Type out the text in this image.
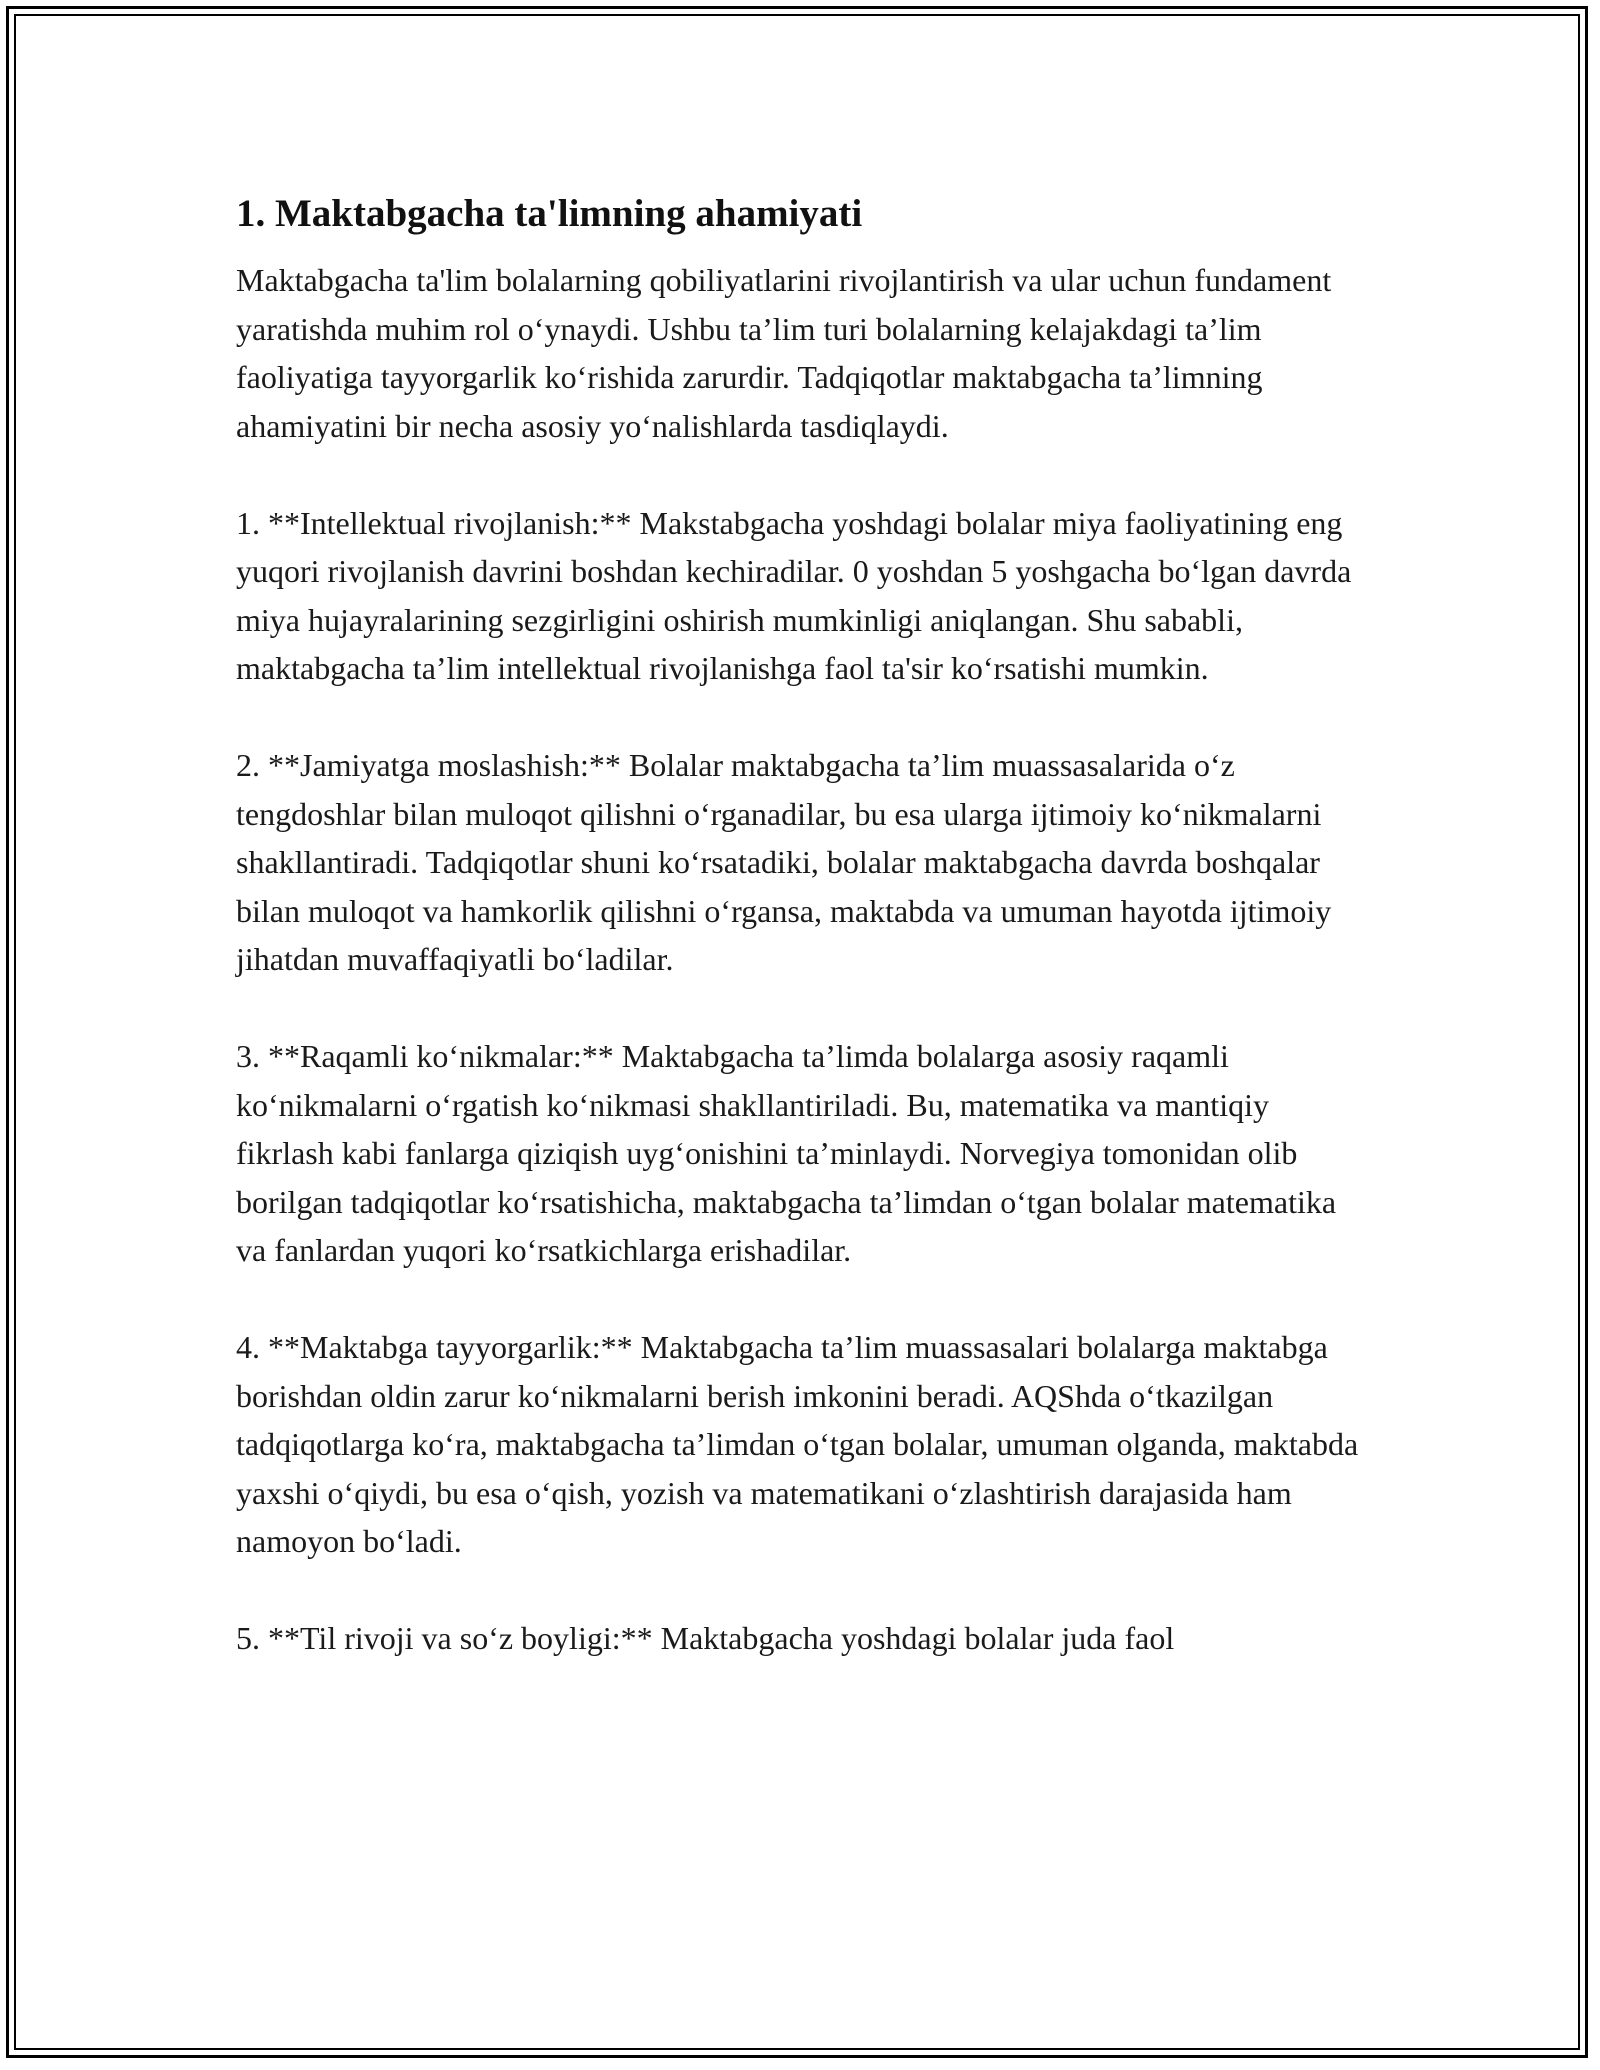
1. Maktabgacha ta'limning ahamiyati

Maktabgacha ta'lim bolalarning qobiliyatlarini rivojlantirish va ular uchun fundament yaratishda muhim rol o‘ynaydi. Ushbu ta’lim turi bolalarning kelajakdagi ta’lim faoliyatiga tayyorgarlik ko‘rishida zarurdir. Tadqiqotlar maktabgacha ta’limning ahamiyatini bir necha asosiy yo‘nalishlarda tasdiqlaydi.

1. **Intellektual rivojlanish:** Makstabgacha yoshdagi bolalar miya faoliyatining eng yuqori rivojlanish davrini boshdan kechiradilar. 0 yoshdan 5 yoshgacha bo‘lgan davrda miya hujayralarining sezgirligini oshirish mumkinligi aniqlangan. Shu sababli, maktabgacha ta’lim intellektual rivojlanishga faol ta'sir ko‘rsatishi mumkin.

2. **Jamiyatga moslashish:** Bolalar maktabgacha ta’lim muassasalarida o‘z tengdoshlar bilan muloqot qilishni o‘rganadilar, bu esa ularga ijtimoiy ko‘nikmalarni shakllantiradi. Tadqiqotlar shuni ko‘rsatadiki, bolalar maktabgacha davrda boshqalar bilan muloqot va hamkorlik qilishni o‘rgansa, maktabda va umuman hayotda ijtimoiy jihatdan muvaffaqiyatli bo‘ladilar.

3. **Raqamli ko‘nikmalar:** Maktabgacha ta’limda bolalarga asosiy raqamli ko‘nikmalarni o‘rgatish ko‘nikmasi shakllantiriladi. Bu, matematika va mantiqiy fikrlash kabi fanlarga qiziqish uyg‘onishini ta’minlaydi. Norvegiya tomonidan olib borilgan tadqiqotlar ko‘rsatishicha, maktabgacha ta’limdan o‘tgan bolalar matematika va fanlardan yuqori ko‘rsatkichlarga erishadilar.

4. **Maktabga tayyorgarlik:** Maktabgacha ta’lim muassasalari bolalarga maktabga borishdan oldin zarur ko‘nikmalarni berish imkonini beradi. AQShda o‘tkazilgan tadqiqotlarga ko‘ra, maktabgacha ta’limdan o‘tgan bolalar, umuman olganda, maktabda yaxshi o‘qiydi, bu esa o‘qish, yozish va matematikani o‘zlashtirish darajasida ham namoyon bo‘ladi.

5. **Til rivoji va so‘z boyligi:** Maktabgacha yoshdagi bolalar juda faol
